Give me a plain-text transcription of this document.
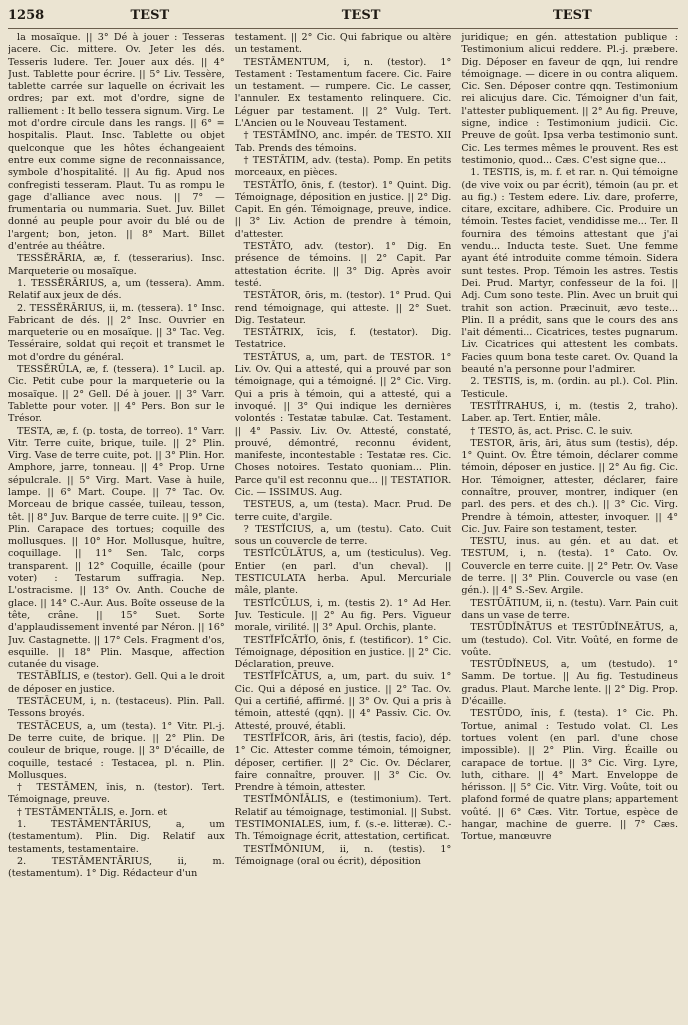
1258	TEST	TEST	TEST

la mosaïque. || 3° Dé à jouer : Tesseras jacere. Cic. mittere. Ov. Jeter les dés. Tesseris ludere. Ter. Jouer aux dés. || 4° Just. Tablette pour écrire. || 5° Liv. Tessère, tablette carrée sur laquelle on écrivait les ordres; par ext. mot d'ordre, signe de ralliement : It bello tessera signum. Virg. Le mot d'ordre circule dans les rangs. || 6° = hospitalis. Plaut. Insc. Tablette ou objet quelconque que les hôtes échangeaient entre eux comme signe de reconnaissance, symbole d'hospitalité. || Au fig. Apud nos confregisti tesseram. Plaut. Tu as rompu le gage d'alliance avec nous. || 7° — frumentaria ou nummaria. Suet. Juv. Billet donné au peuple pour avoir du blé ou de l'argent; bon, jeton. || 8° Mart. Billet d'entrée au théâtre.

TESSĔRĀRIA, æ, f. (tesserarius). Insc. Marqueterie ou mosaïque.

1. TESSĔRĀRIUS, a, um (tessera). Amm. Relatif aux jeux de dés.

2. TESSĔRĀRIUS, ii, m. (tessera). 1° Insc. Fabricant de dés. || 2° Insc. Ouvrier en marqueterie ou en mosaïque. || 3° Tac. Veg. Tesséraire, soldat qui reçoit et transmet le mot d'ordre du général.

TESSĔRŬLA, æ, f. (tessera). 1° Lucil. ap. Cic. Petit cube pour la marqueterie ou la mosaïque. || 2° Gell. Dé à jouer. || 3° Varr. Tablette pour voter. || 4° Pers. Bon sur le Trésor.

TESTA, æ, f. (p. tosta, de torreo). 1° Varr. Vitr. Terre cuite, brique, tuile. || 2° Plin. Virg. Vase de terre cuite, pot. || 3° Plin. Hor. Amphore, jarre, tonneau. || 4° Prop. Urne sépulcrale. || 5° Virg. Mart. Vase à huile, lampe. || 6° Mart. Coupe. || 7° Tac. Ov. Morceau de brique cassée, tuileau, tesson, têt. || 8° Juv. Barque de terre cuite. || 9° Cic. Plin. Carapace des tortues; coquille des mollusques. || 10° Hor. Mollusque, huître, coquillage. || 11° Sen. Talc, corps transparent. || 12° Coquille, écaille (pour voter) : Testarum suffragia. Nep. L'ostracisme. || 13° Ov. Anth. Couche de glace. || 14° C.-Aur. Aus. Boîte osseuse de la tête, crâne. || 15° Suet. Sorte d'applaudissement inventé par Néron. || 16° Juv. Castagnette. || 17° Cels. Fragment d'os, esquille. || 18° Plin. Masque, affection cutanée du visage.

TESTĀBĬLIS, e (testor). Gell. Qui a le droit de déposer en justice.

TESTĀCEUM, i, n. (testaceus). Plin. Pall. Tessons broyés.

TESTĀCEUS, a, um (testa). 1° Vitr. Pl.-j. De terre cuite, de brique. || 2° Plin. De couleur de brique, rouge. || 3° D'écaille, de coquille, testacé : Testacea, pl. n. Plin. Mollusques.

† TESTĀMEN, ĭnis, n. (testor). Tert. Témoignage, preuve.

† TESTĀMENTĀLIS, e. Jorn. et

1. TESTĀMENTĀRIUS, a, um (testamentum). Plin. Dig. Relatif aux testaments, testamentaire.

2. TESTĀMENTĀRIUS, ii, m. (testamentum). 1° Dig. Rédacteur d'un

testament. || 2° Cic. Qui fabrique ou altère un testament.

TESTĀMENTUM, i, n. (testor). 1° Testament : Testamentum facere. Cic. Faire un testament. — rumpere. Cic. Le casser, l'annuler. Ex testamento relinquere. Cic. Léguer par testament. || 2° Vulg. Tert. L'Ancien ou le Nouveau Testament.

† TESTĀMĬNO, anc. impér. de TESTO. XII Tab. Prends des témoins.

† TESTĀTIM, adv. (testa). Pomp. En petits morceaux, en pièces.

TESTĀTĬO, ōnis, f. (testor). 1° Quint. Dig. Témoignage, déposition en justice. || 2° Dig. Capit. En gén. Témoignage, preuve, indice. || 3° Liv. Action de prendre à témoin, d'attester.

TESTĀTO, adv. (testor). 1° Dig. En présence de témoins. || 2° Capit. Par attestation écrite. || 3° Dig. Après avoir testé.

TESTĀTOR, ōris, m. (testor). 1° Prud. Qui rend témoignage, qui atteste. || 2° Suet. Dig. Testateur.

TESTĀTRIX, īcis, f. (testator). Dig. Testatrice.

TESTĀTUS, a, um, part. de TESTOR. 1° Liv. Ov. Qui a attesté, qui a prouvé par son témoignage, qui a témoigné. || 2° Cic. Virg. Qui a pris à témoin, qui a attesté, qui a invoqué. || 3° Qui indique les dernières volontés : Testatæ tabulæ. Cat. Testament. || 4° Passiv. Liv. Ov. Attesté, constaté, prouvé, démontré, reconnu évident, manifeste, incontestable : Testatæ res. Cic. Choses notoires. Testato quoniam... Plin. Parce qu'il est reconnu que... || TESTATIOR. Cic. — ISSIMUS. Aug.

TESTEUS, a, um (testa). Macr. Prud. De terre cuite, d'argile.

? TESTĬCIUS, a, um (testu). Cato. Cuit sous un couvercle de terre.

TESTĬCŬLĀTUS, a, um (testiculus). Veg. Entier (en parl. d'un cheval). || TESTICULATA herba. Apul. Mercuriale mâle, plante.

TESTĬCŬLUS, i, m. (testis 2). 1° Ad Her. Juv. Testicule. || 2° Au fig. Pers. Vigueur morale, virilité. || 3° Apul. Orchis, plante.

TESTĬFĬCĀTĬO, ōnis, f. (testificor). 1° Cic. Témoignage, déposition en justice. || 2° Cic. Déclaration, preuve.

TESTĬFĬCĀTUS, a, um, part. du suiv. 1° Cic. Qui a déposé en justice. || 2° Tac. Ov. Qui a certifié, affirmé. || 3° Ov. Qui a pris à témoin, attesté (qqn). || 4° Passiv. Cic. Ov. Attesté, prouvé, établi.

TESTĬFĬCOR, āris, āri (testis, facio), dép. 1° Cic. Attester comme témoin, témoigner, déposer, certifier. || 2° Cic. Ov. Déclarer, faire connaître, prouver. || 3° Cic. Ov. Prendre à témoin, attester.

TESTĬMŌNĬĀLIS, e (testimonium). Tert. Relatif au témoignage, testimonial. || Subst. TESTIMONIALES, ium, f. (s.-e. litteræ). C.-Th. Témoignage écrit, attestation, certificat.

TESTĬMŌNIUM, ii, n. (testis). 1° Témoignage (oral ou écrit), déposition

juridique; en gén. attestation publique : Testimonium alicui reddere. Pl.-j. præbere. Dig. Déposer en faveur de qqn, lui rendre témoignage. — dicere in ou contra aliquem. Cic. Sen. Déposer contre qqn. Testimonium rei alicujus dare. Cic. Témoigner d'un fait, l'attester publiquement. || 2° Au fig. Preuve, signe, indice : Testimonium judicii. Cic. Preuve de goût. Ipsa verba testimonio sunt. Cic. Les termes mêmes le prouvent. Res est testimonio, quod... Cæs. C'est signe que...

1. TESTIS, is, m. f. et rar. n. Qui témoigne (de vive voix ou par écrit), témoin (au pr. et au fig.) : Testem edere. Liv. dare, proferre, citare, excitare, adhibere. Cic. Produire un témoin. Testes faciet, vendidisse me... Ter. Il fournira des témoins attestant que j'ai vendu... Inducta teste. Suet. Une femme ayant été introduite comme témoin. Sidera sunt testes. Prop. Témoin les astres. Testis Dei. Prud. Martyr, confesseur de la foi. || Adj. Cum sono teste. Plin. Avec un bruit qui trahit son action. Præcinuit, ævo teste... Plin. Il a prédit, sans que le cours des ans l'ait démenti... Cicatrices, testes pugnarum. Liv. Cicatrices qui attestent les combats. Facies quum bona teste caret. Ov. Quand la beauté n'a personne pour l'admirer.

2. TESTIS, is, m. (ordin. au pl.). Col. Plin. Testicule.

TESTĬTRAHUS, i, m. (testis 2, traho). Laber. ap. Tert. Entier, mâle.

† TESTO, ās, act. Prisc. C. le suiv.

TESTOR, āris, āri, ātus sum (testis), dép. 1° Quint. Ov. Être témoin, déclarer comme témoin, déposer en justice. || 2° Au fig. Cic. Hor. Témoigner, attester, déclarer, faire connaître, prouver, montrer, indiquer (en parl. des pers. et des ch.). || 3° Cic. Virg. Prendre à témoin, attester, invoquer. || 4° Cic. Juv. Faire son testament, tester.

TESTU, inus. au gén. et au dat. et TESTUM, i, n. (testa). 1° Cato. Ov. Couvercle en terre cuite. || 2° Petr. Ov. Vase de terre. || 3° Plin. Couvercle ou vase (en gén.). || 4° S.-Sev. Argile.

TESTŪĀTIUM, ii, n. (testu). Varr. Pain cuit dans un vase de terre.

TESTŪDĬNĀTUS et TESTŪDĬNEĀTUS, a, um (testudo). Col. Vitr. Voûté, en forme de voûte.

TESTŪDĬNEUS, a, um (testudo). 1° Samm. De tortue. || Au fig. Testudineus gradus. Plaut. Marche lente. || 2° Dig. Prop. D'écaille.

TESTŪDO, ĭnis, f. (testa). 1° Cic. Ph. Tortue, animal : Testudo volat. Cl. Les tortues volent (en parl. d'une chose impossible). || 2° Plin. Virg. Écaille ou carapace de tortue. || 3° Cic. Virg. Lyre, luth, cithare. || 4° Mart. Enveloppe de hérisson. || 5° Cic. Vitr. Virg. Voûte, toit ou plafond formé de quatre plans; appartement voûté. || 6° Cæs. Vitr. Tortue, espèce de hangar, machine de guerre. || 7° Cæs. Tortue, manœuvre
